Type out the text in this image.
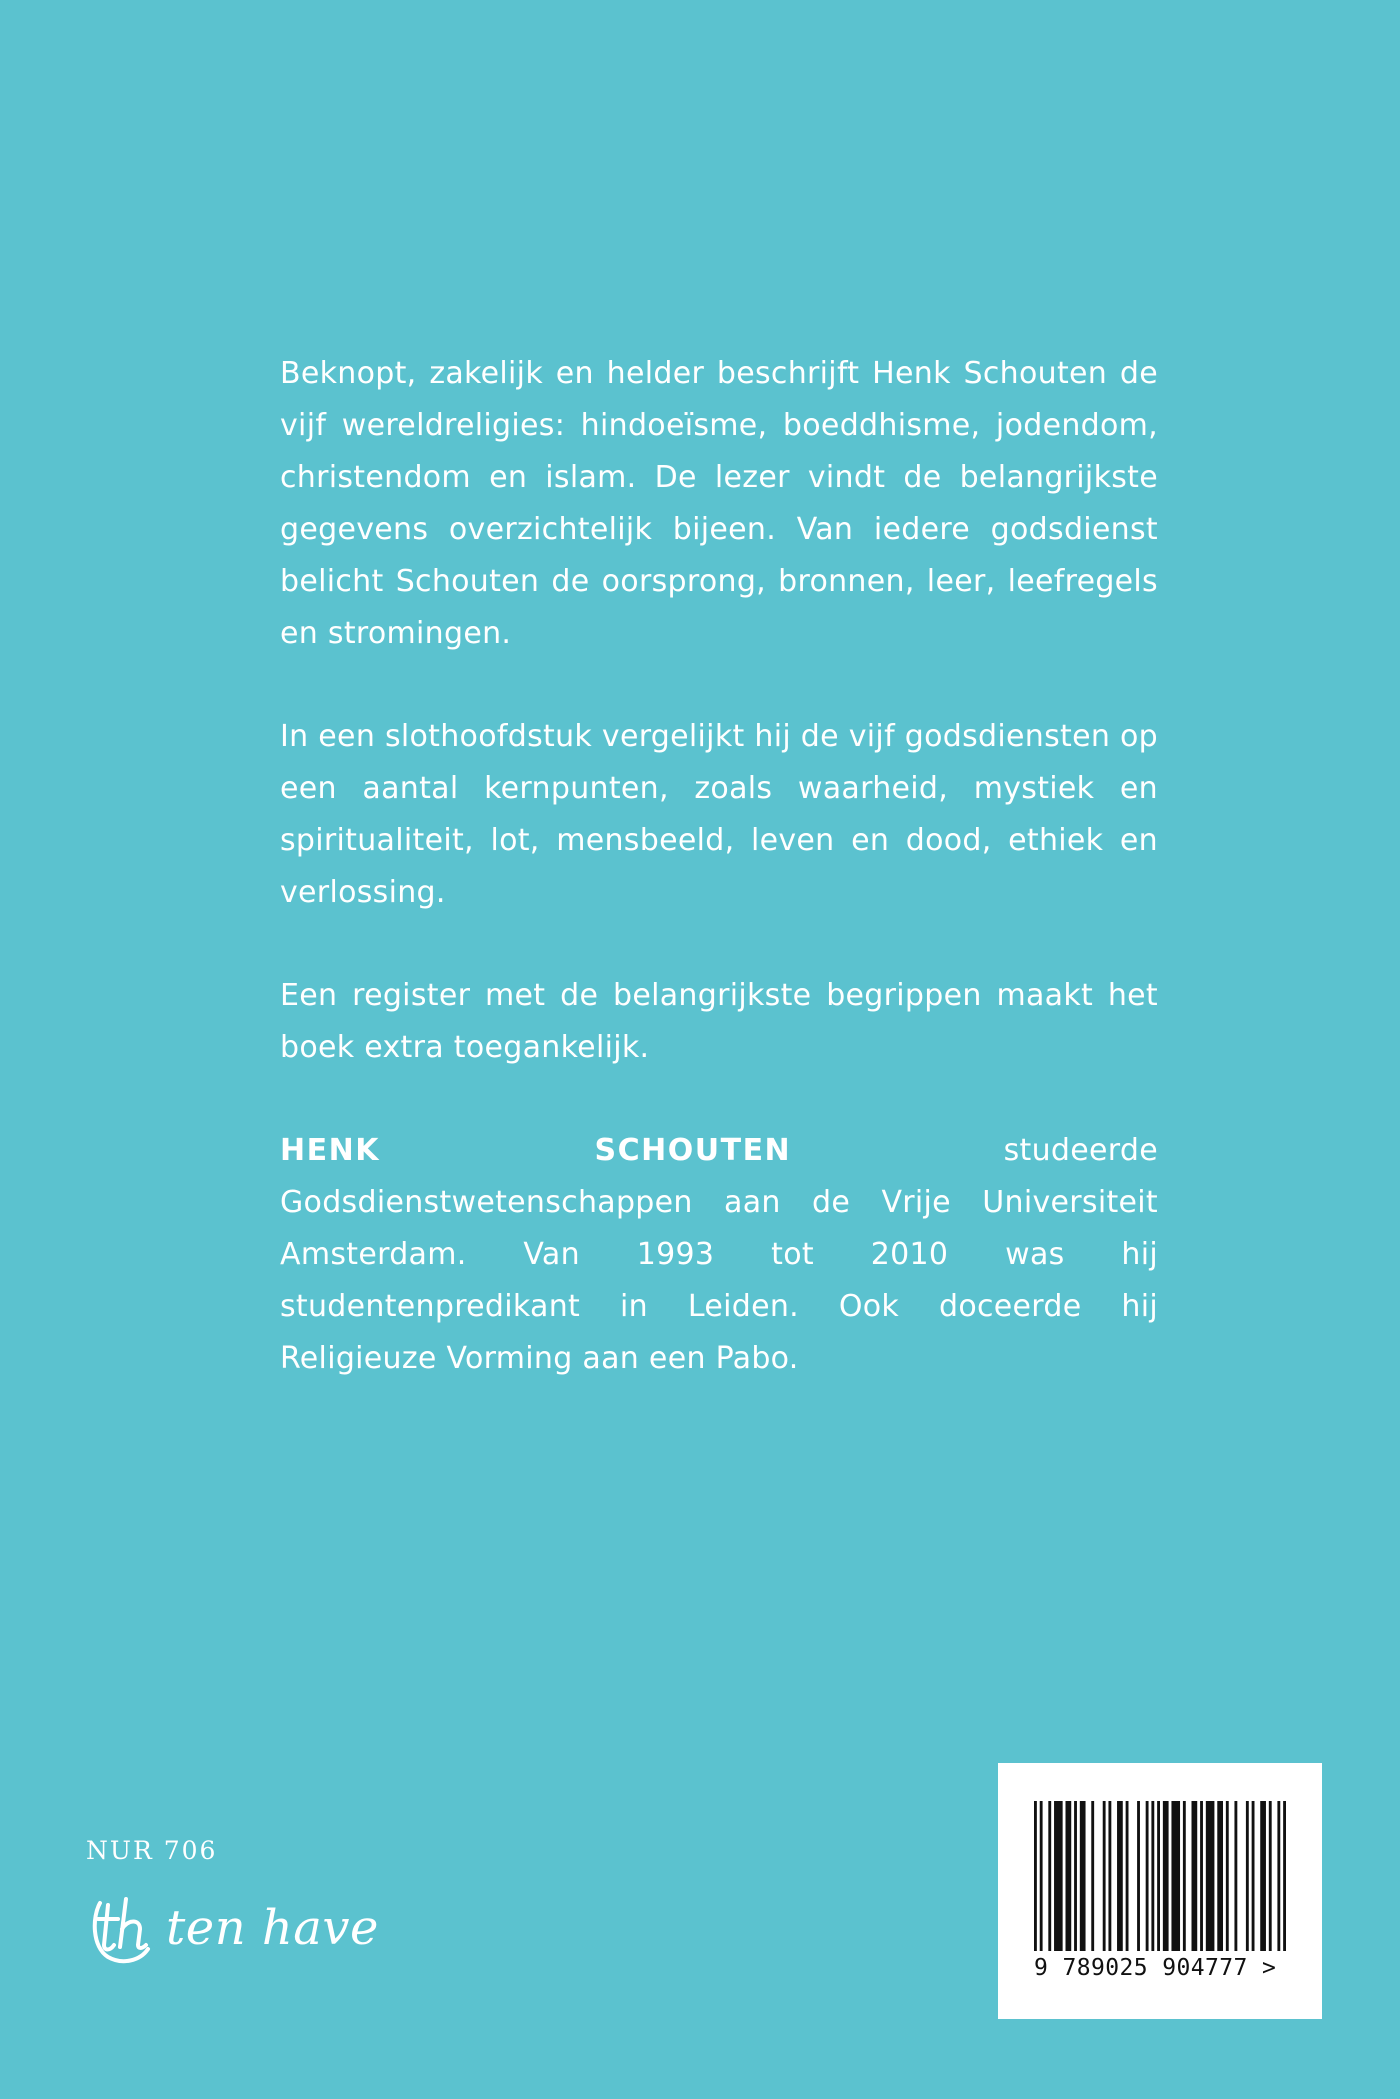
Beknopt, zakelijk en helder beschrijft Henk Schouten de vijf wereldreligies: hindoeïsme, boeddhisme, jodendom, christendom en islam. De lezer vindt de belangrijkste gegevens overzichtelijk bijeen. Van iedere godsdienst belicht Schouten de oorsprong, bronnen, leer, leefregels en stromingen.

In een slothoofdstuk vergelijkt hij de vijf godsdiensten op een aantal kernpunten, zoals waarheid, mystiek en spiritualiteit, lot, mensbeeld, leven en dood, ethiek en verlossing.

Een register met de belangrijkste begrippen maakt het boek extra toegankelijk.

HENK SCHOUTEN studeerde Godsdienstwetenschappen aan de Vrije Universiteit Amsterdam. Van 1993 tot 2010 was hij studentenpredikant in Leiden. Ook doceerde hij Religieuze Vorming aan een Pabo.

NUR 706
ten have
9 789025 904777 >
